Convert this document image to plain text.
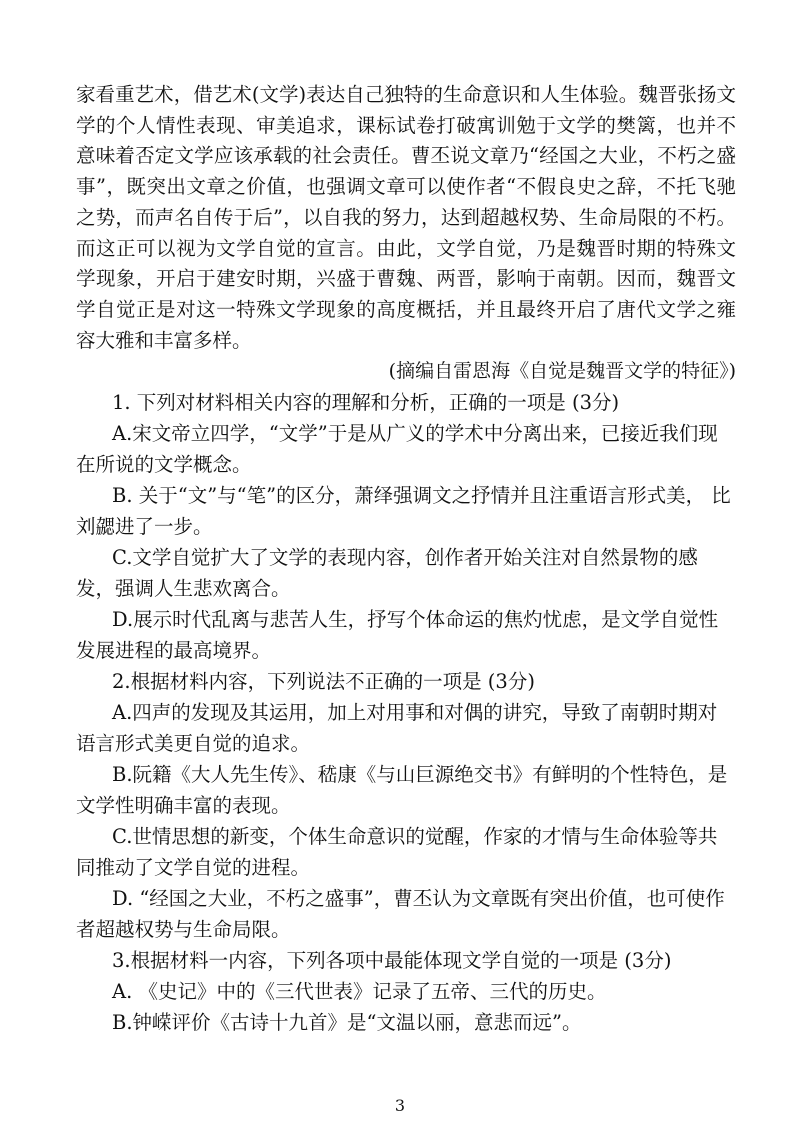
家看重艺术，借艺术(文学)表达自己独特的生命意识和人生体验。魏晋张扬文学的个人情性表现、审美追求，课标试卷打破寓训勉于文学的樊篱，也并不意味着否定文学应该承载的社会责任。曹丕说文章乃“经国之大业，不朽之盛事”，既突出文章之价值，也强调文章可以使作者“不假良史之辞，不托飞驰之势，而声名自传于后”，以自我的努力，达到超越权势、生命局限的不朽。而这正可以视为文学自觉的宣言。由此，文学自觉，乃是魏晋时期的特殊文学现象，开启于建安时期，兴盛于曹魏、两晋，影响于南朝。因而，魏晋文学自觉正是对这一特殊文学现象的高度概括，并且最终开启了唐代文学之雍容大雅和丰富多样。

(摘编自雷恩海《自觉是魏晋文学的特征》)

1. 下列对材料相关内容的理解和分析，正确的一项是 (3分)

A.宋文帝立四学，“文学”于是从广义的学术中分离出来，已接近我们现在所说的文学概念。

B. 关于“文”与“笔”的区分，萧绎强调文之抒情并且注重语言形式美， 比刘勰进了一步。

C.文学自觉扩大了文学的表现内容，创作者开始关注对自然景物的感发，强调人生悲欢离合。

D.展示时代乱离与悲苦人生，抒写个体命运的焦灼忧虑，是文学自觉性发展进程的最高境界。

2.根据材料内容，下列说法不正确的一项是 (3分)

A.四声的发现及其运用，加上对用事和对偶的讲究，导致了南朝时期对语言形式美更自觉的追求。

B.阮籍《大人先生传》、嵇康《与山巨源绝交书》有鲜明的个性特色，是文学性明确丰富的表现。

C.世情思想的新变，个体生命意识的觉醒，作家的才情与生命体验等共同推动了文学自觉的进程。

D. “经国之大业，不朽之盛事”，曹丕认为文章既有突出价值，也可使作者超越权势与生命局限。

3.根据材料一内容，下列各项中最能体现文学自觉的一项是 (3分)

A. 《史记》中的《三代世表》记录了五帝、三代的历史。

B.钟嵘评价《古诗十九首》是“文温以丽，意悲而远”。

3
